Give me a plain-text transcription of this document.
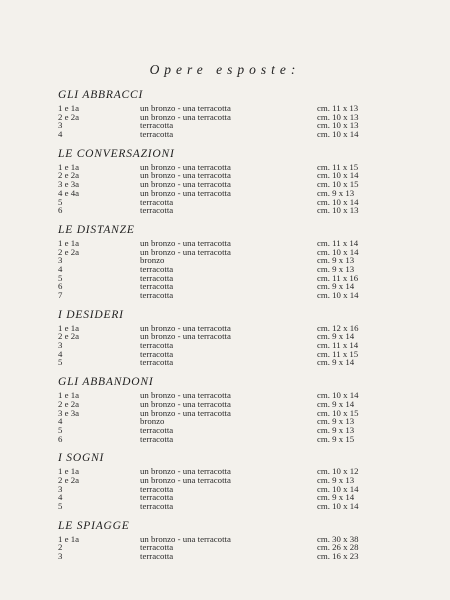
Opere esposte:
GLI ABBRACCI
1 e 1a	un bronzo - una terracotta	cm. 11 x 13
2 e 2a	un bronzo - una terracotta	cm. 10 x 13
3	terracotta	cm. 10 x 13
4	terracotta	cm. 10 x 14
LE CONVERSAZIONI
1 e 1a	un bronzo - una terracotta	cm. 11 x 15
2 e 2a	un bronzo - una terracotta	cm. 10 x 14
3 e 3a	un bronzo - una terracotta	cm. 10 x 15
4 e 4a	un bronzo - una terracotta	cm. 9 x 13
5	terracotta	cm. 10 x 14
6	terracotta	cm. 10 x 13
LE DISTANZE
1 e 1a	un bronzo - una terracotta	cm. 11 x 14
2 e 2a	un bronzo - una terracotta	cm. 10 x 14
3	bronzo	cm. 9 x 13
4	terracotta	cm. 9 x 13
5	terracotta	cm. 11 x 16
6	terracotta	cm. 9 x 14
7	terracotta	cm. 10 x 14
I DESIDERI
1 e 1a	un bronzo - una terracotta	cm. 12 x 16
2 e 2a	un bronzo - una terracotta	cm. 9 x 14
3	terracotta	cm. 11 x 14
4	terracotta	cm. 11 x 15
5	terracotta	cm. 9 x 14
GLI ABBANDONI
1 e 1a	un bronzo - una terracotta	cm. 10 x 14
2 e 2a	un bronzo - una terracotta	cm. 9 x 14
3 e 3a	un bronzo - una terracotta	cm. 10 x 15
4	bronzo	cm. 9 x 13
5	terracotta	cm. 9 x 13
6	terracotta	cm. 9 x 15
I SOGNI
1 e 1a	un bronzo - una terracotta	cm. 10 x 12
2 e 2a	un bronzo - una terracotta	cm. 9 x 13
3	terracotta	cm. 10 x 14
4	terracotta	cm. 9 x 14
5	terracotta	cm. 10 x 14
LE SPIAGGE
1 e 1a	un bronzo - una terracotta	cm. 30 x 38
2	terracotta	cm. 26 x 28
3	terracotta	cm. 16 x 23
